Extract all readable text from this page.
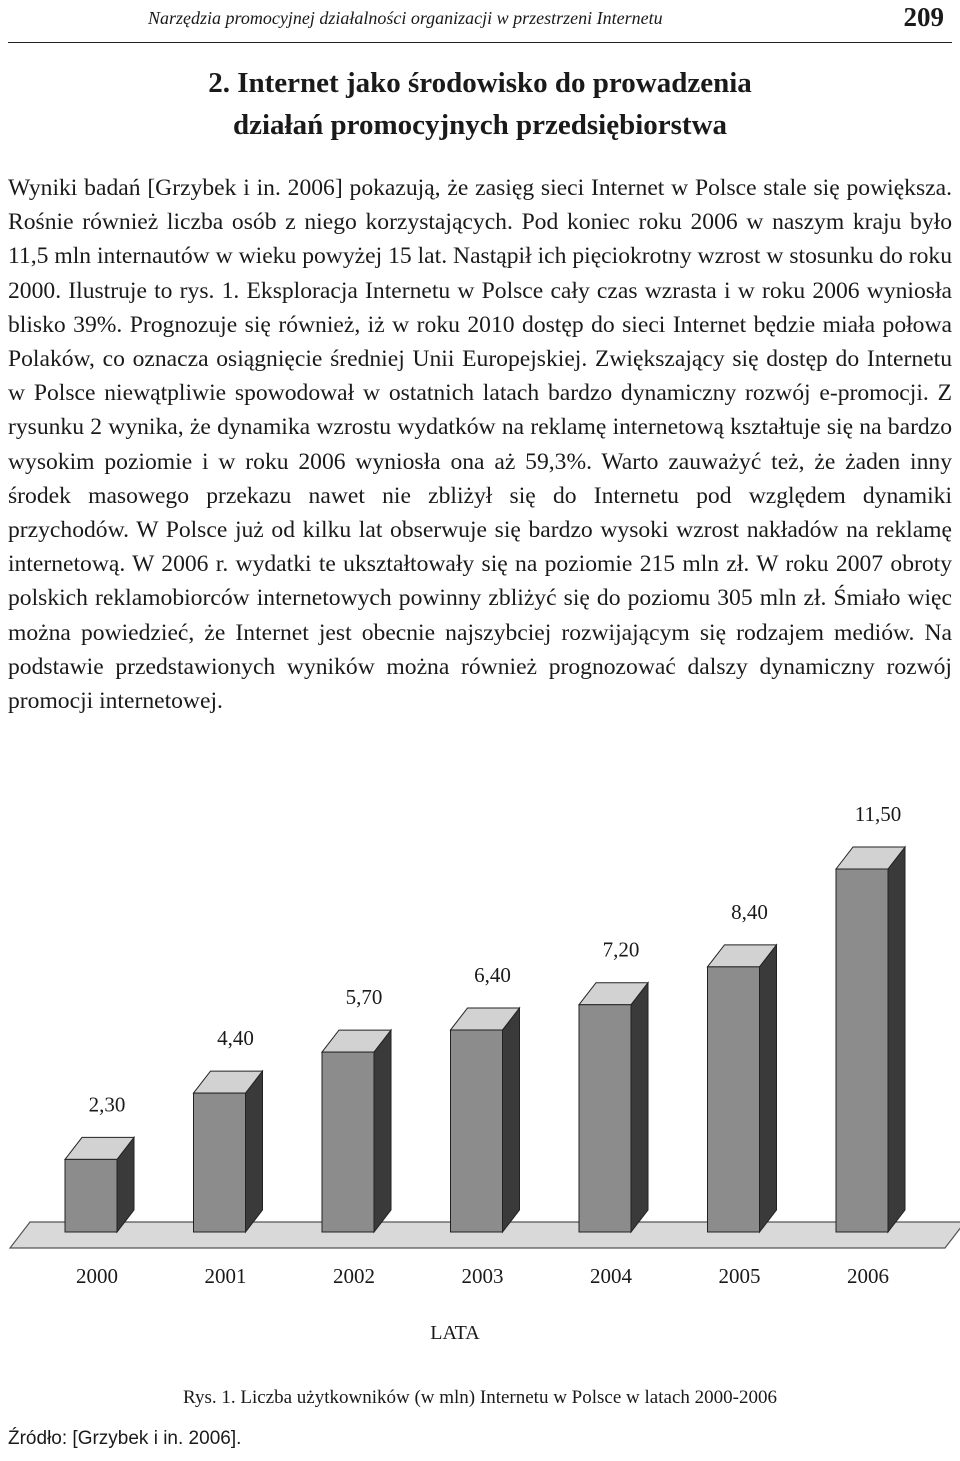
Narzędzia promocyjnej działalności organizacji w przestrzeni Internetu	209
2. Internet jako środowisko do prowadzenia
działań promocyjnych przedsiębiorstwa

Wyniki badań [Grzybek i in. 2006] pokazują, że zasięg sieci Internet w Polsce stale się powiększa. Rośnie również liczba osób z niego korzystających. Pod koniec roku 2006 w naszym kraju było 11,5 mln internautów w wieku powyżej 15 lat. Nastąpił ich pięciokrotny wzrost w stosunku do roku 2000. Ilustruje to rys. 1. Eksploracja Internetu w Polsce cały czas wzrasta i w roku 2006 wyniosła blisko 39%. Prognozuje się również, iż w roku 2010 dostęp do sieci Internet będzie miała połowa Polaków, co oznacza osiągnięcie średniej Unii Europejskiej. Zwiększający się dostęp do Internetu w Polsce niewątpliwie spowodował w ostatnich latach bardzo dynamiczny rozwój e-promocji. Z rysunku 2 wynika, że dynamika wzrostu wydatków na reklamę internetową kształtuje się na bardzo wysokim poziomie i w roku 2006 wyniosła ona aż 59,3%. Warto zauważyć też, że żaden inny środek masowego przekazu nawet nie zbliżył się do Internetu pod względem dynamiki przychodów. W Polsce już od kilku lat obserwuje się bardzo wysoki wzrost nakładów na reklamę internetową. W 2006 r. wydatki te ukształtowały się na poziomie 215 mln zł. W roku 2007 obroty polskich reklamobiorców internetowych powinny zbliżyć się do poziomu 305 mln zł. Śmiało więc można powiedzieć, że Internet jest obecnie najszybciej rozwijającym się rodzajem mediów. Na podstawie przedstawionych wyników można również prognozować dalszy dynamiczny rozwój promocji internetowej.

2,30
2000
4,40
2001
5,70
2002
6,40
2003
7,20
2004
8,40
2005
11,50
2006
LATA
Rys. 1. Liczba użytkowników (w mln) Internetu w Polsce w latach 2000-2006
Źródło: [Grzybek i in. 2006].
